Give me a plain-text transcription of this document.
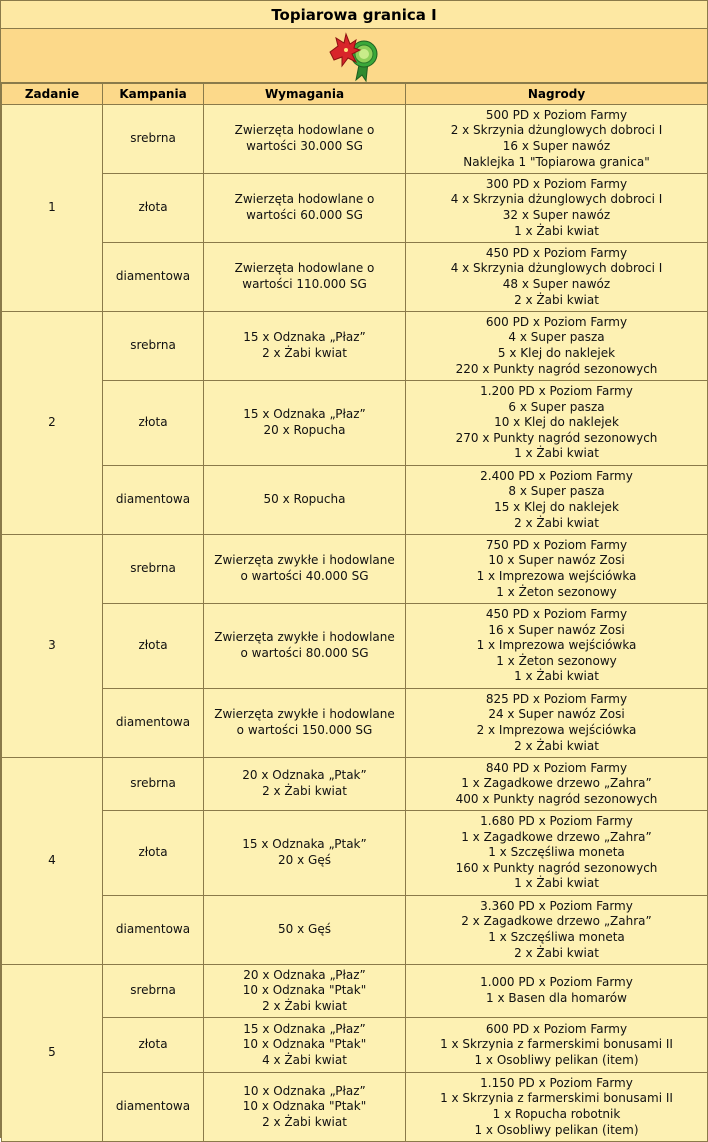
Topiarowa granica I
Zadanie	Kampania	Wymagania	Nagrody
1	srebrna	Zwierzęta hodowlane o
wartości 30.000 SG	500 PD x Poziom Farmy
2 x Skrzynia dżunglowych dobroci I
16 x Super nawóz
Naklejka 1 "Topiarowa granica"

	złota	Zwierzęta hodowlane o
wartości 60.000 SG	300 PD x Poziom Farmy
4 x Skrzynia dżunglowych dobroci I
32 x Super nawóz
1 x Żabi kwiat

	diamentowa	Zwierzęta hodowlane o
wartości 110.000 SG	450 PD x Poziom Farmy
4 x Skrzynia dżunglowych dobroci I
48 x Super nawóz
2 x Żabi kwiat

2	srebrna	15 x Odznaka „Płaz”
2 x Żabi kwiat	600 PD x Poziom Farmy
4 x Super pasza
5 x Klej do naklejek
220 x Punkty nagród sezonowych

	złota	15 x Odznaka „Płaz”
20 x Ropucha	1.200 PD x Poziom Farmy
6 x Super pasza
10 x Klej do naklejek
270 x Punkty nagród sezonowych
1 x Żabi kwiat

	diamentowa	50 x Ropucha	2.400 PD x Poziom Farmy
8 x Super pasza
15 x Klej do naklejek
2 x Żabi kwiat

3	srebrna	Zwierzęta zwykłe i hodowlane
o wartości 40.000 SG	750 PD x Poziom Farmy
10 x Super nawóz Zosi
1 x Imprezowa wejściówka
1 x Żeton sezonowy

	złota	Zwierzęta zwykłe i hodowlane
o wartości 80.000 SG	450 PD x Poziom Farmy
16 x Super nawóz Zosi
1 x Imprezowa wejściówka
1 x Żeton sezonowy
1 x Żabi kwiat

	diamentowa	Zwierzęta zwykłe i hodowlane
o wartości 150.000 SG	825 PD x Poziom Farmy
24 x Super nawóz Zosi
2 x Imprezowa wejściówka
2 x Żabi kwiat

4	srebrna	20 x Odznaka „Ptak”
2 x Żabi kwiat	840 PD x Poziom Farmy
1 x Zagadkowe drzewo „Zahra”
400 x Punkty nagród sezonowych

	złota	15 x Odznaka „Ptak”
20 x Gęś	1.680 PD x Poziom Farmy
1 x Zagadkowe drzewo „Zahra”
1 x Szczęśliwa moneta
160 x Punkty nagród sezonowych
1 x Żabi kwiat

	diamentowa	50 x Gęś	3.360 PD x Poziom Farmy
2 x Zagadkowe drzewo „Zahra”
1 x Szczęśliwa moneta
2 x Żabi kwiat

5	srebrna	20 x Odznaka „Płaz”
10 x Odznaka "Ptak"
2 x Żabi kwiat	1.000 PD x Poziom Farmy
1 x Basen dla homarów

	złota	15 x Odznaka „Płaz”
10 x Odznaka "Ptak"
4 x Żabi kwiat	600 PD x Poziom Farmy
1 x Skrzynia z farmerskimi bonusami II
1 x Osobliwy pelikan (item)

	diamentowa	10 x Odznaka „Płaz”
10 x Odznaka "Ptak"
2 x Żabi kwiat	1.150 PD x Poziom Farmy
1 x Skrzynia z farmerskimi bonusami II
1 x Ropucha robotnik
1 x Osobliwy pelikan (item)
